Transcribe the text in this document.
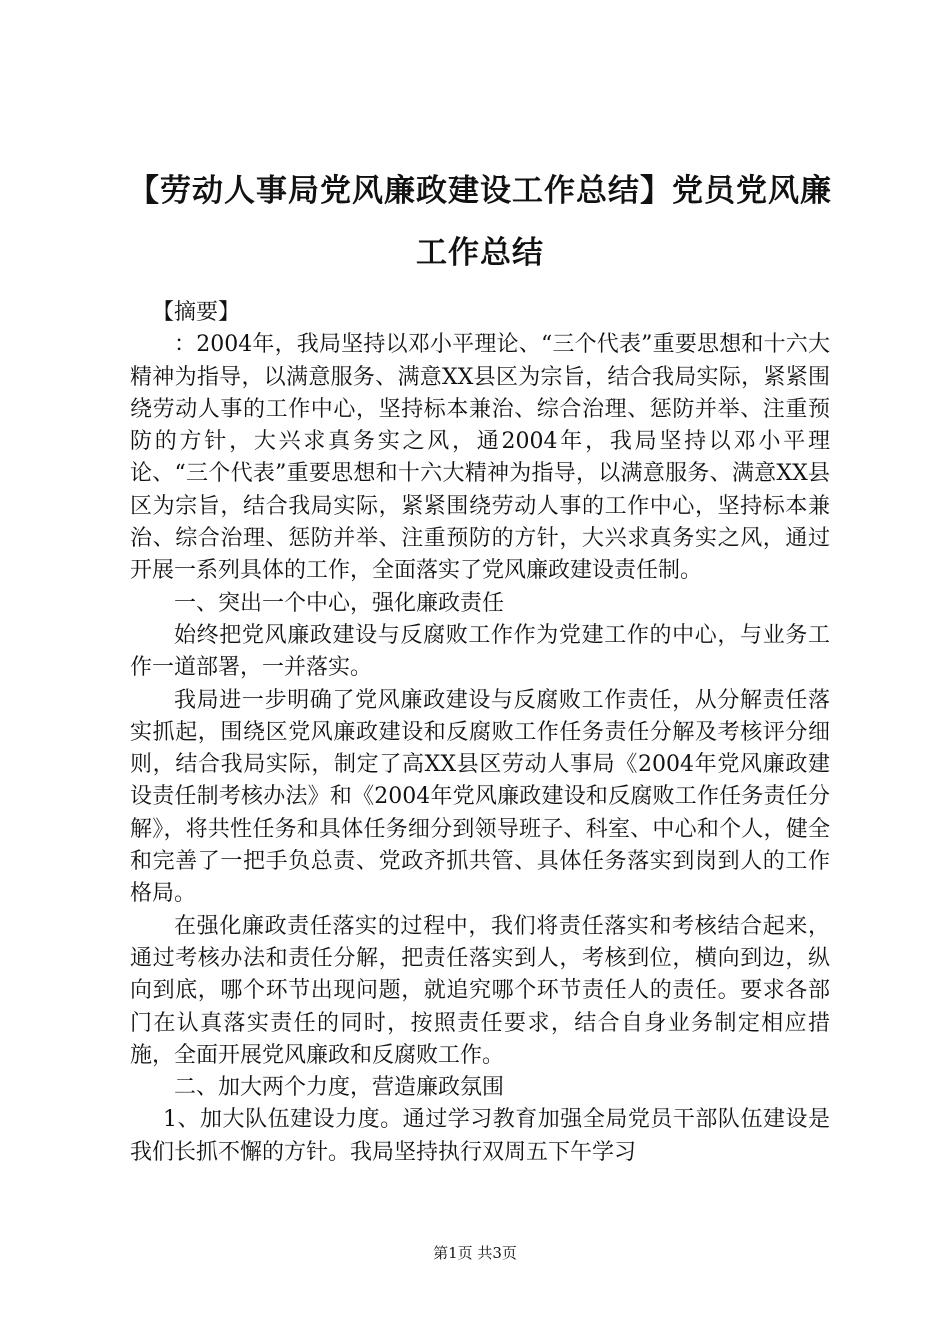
【劳动人事局党风廉政建设工作总结】党员党风廉工作总结

【摘要】

：2004年，我局坚持以邓小平理论、“三个代表”重要思想和十六大精神为指导，以满意服务、满意XX县区为宗旨，结合我局实际，紧紧围绕劳动人事的工作中心，坚持标本兼治、综合治理、惩防并举、注重预防的方针，大兴求真务实之风，通2004年，我局坚持以邓小平理论、“三个代表”重要思想和十六大精神为指导，以满意服务、满意XX县区为宗旨，结合我局实际，紧紧围绕劳动人事的工作中心，坚持标本兼治、综合治理、惩防并举、注重预防的方针，大兴求真务实之风，通过开展一系列具体的工作，全面落实了党风廉政建设责任制。

一、突出一个中心，强化廉政责任

始终把党风廉政建设与反腐败工作作为党建工作的中心，与业务工作一道部署，一并落实。

我局进一步明确了党风廉政建设与反腐败工作责任，从分解责任落实抓起，围绕区党风廉政建设和反腐败工作任务责任分解及考核评分细则，结合我局实际，制定了高XX县区劳动人事局《2004年党风廉政建设责任制考核办法》和《2004年党风廉政建设和反腐败工作任务责任分解》，将共性任务和具体任务细分到领导班子、科室、中心和个人，健全和完善了一把手负总责、党政齐抓共管、具体任务落实到岗到人的工作格局。

在强化廉政责任落实的过程中，我们将责任落实和考核结合起来，通过考核办法和责任分解，把责任落实到人，考核到位，横向到边，纵向到底，哪个环节出现问题，就追究哪个环节责任人的责任。要求各部门在认真落实责任的同时，按照责任要求，结合自身业务制定相应措施，全面开展党风廉政和反腐败工作。

二、加大两个力度，营造廉政氛围

1、加大队伍建设力度。通过学习教育加强全局党员干部队伍建设是我们长抓不懈的方针。我局坚持执行双周五下午学习

第1页 共3页
